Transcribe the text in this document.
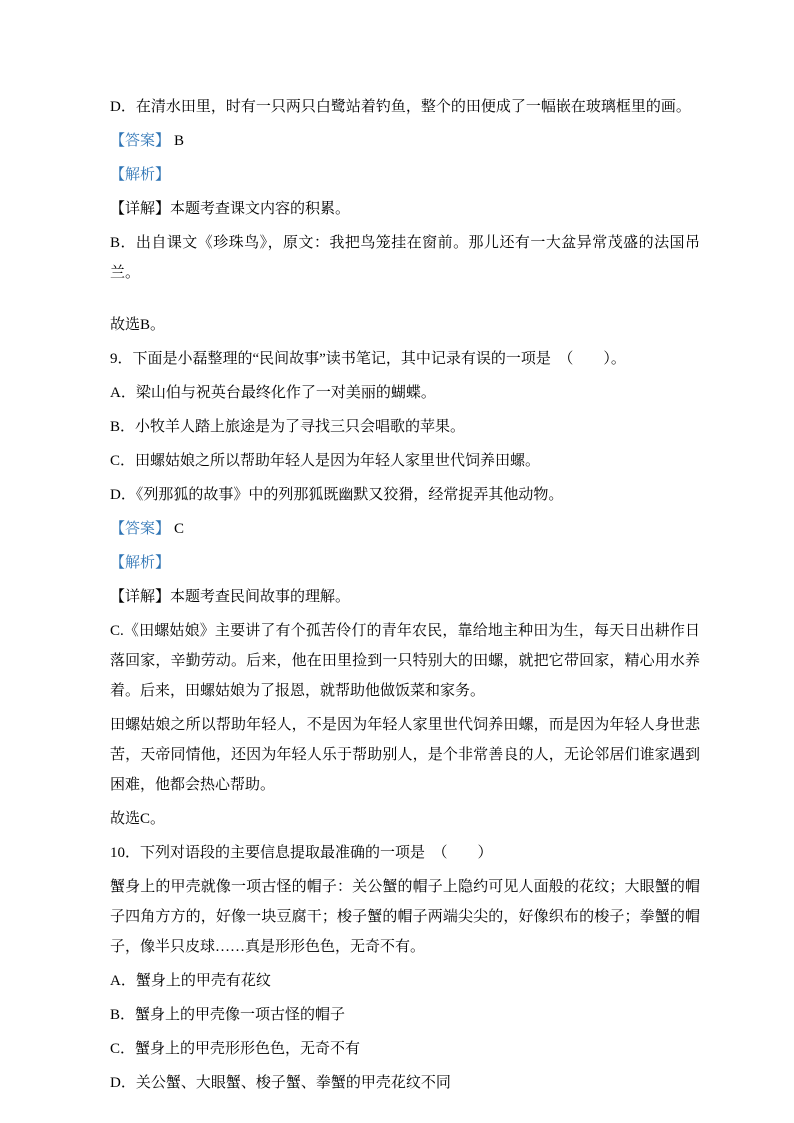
D．在清水田里，时有一只两只白鹭站着钓鱼，整个的田便成了一幅嵌在玻璃框里的画。

【答案】 B

【解析】

【详解】本题考查课文内容的积累。

B．出自课文《珍珠鸟》，原文：我把鸟笼挂在窗前。那儿还有一大盆异常茂盛的法国吊兰。

故选B。

9．下面是小磊整理的“民间故事”读书笔记，其中记录有误的一项是　（　　）。

A．梁山伯与祝英台最终化作了一对美丽的蝴蝶。

B．小牧羊人踏上旅途是为了寻找三只会唱歌的苹果。

C．田螺姑娘之所以帮助年轻人是因为年轻人家里世代饲养田螺。

D．《列那狐的故事》中的列那狐既幽默又狡猾，经常捉弄其他动物。

【答案】 C

【解析】

【详解】本题考查民间故事的理解。

C.《田螺姑娘》主要讲了有个孤苦伶仃的青年农民，靠给地主种田为生，每天日出耕作日落回家，辛勤劳动。后来，他在田里捡到一只特别大的田螺，就把它带回家，精心用水养着。后来，田螺姑娘为了报恩，就帮助他做饭菜和家务。

田螺姑娘之所以帮助年轻人，不是因为年轻人家里世代饲养田螺，而是因为年轻人身世悲苦，天帝同情他，还因为年轻人乐于帮助别人，是个非常善良的人，无论邻居们谁家遇到困难，他都会热心帮助。

故选C。

10．下列对语段的主要信息提取最准确的一项是　（　　）

蟹身上的甲壳就像一项古怪的帽子：关公蟹的帽子上隐约可见人面般的花纹；大眼蟹的帽子四角方方的，好像一块豆腐干；梭子蟹的帽子两端尖尖的，好像织布的梭子；拳蟹的帽子，像半只皮球……真是形形色色，无奇不有。

A．蟹身上的甲壳有花纹

B．蟹身上的甲壳像一项古怪的帽子

C．蟹身上的甲壳形形色色，无奇不有

D．关公蟹、大眼蟹、梭子蟹、拳蟹的甲壳花纹不同
